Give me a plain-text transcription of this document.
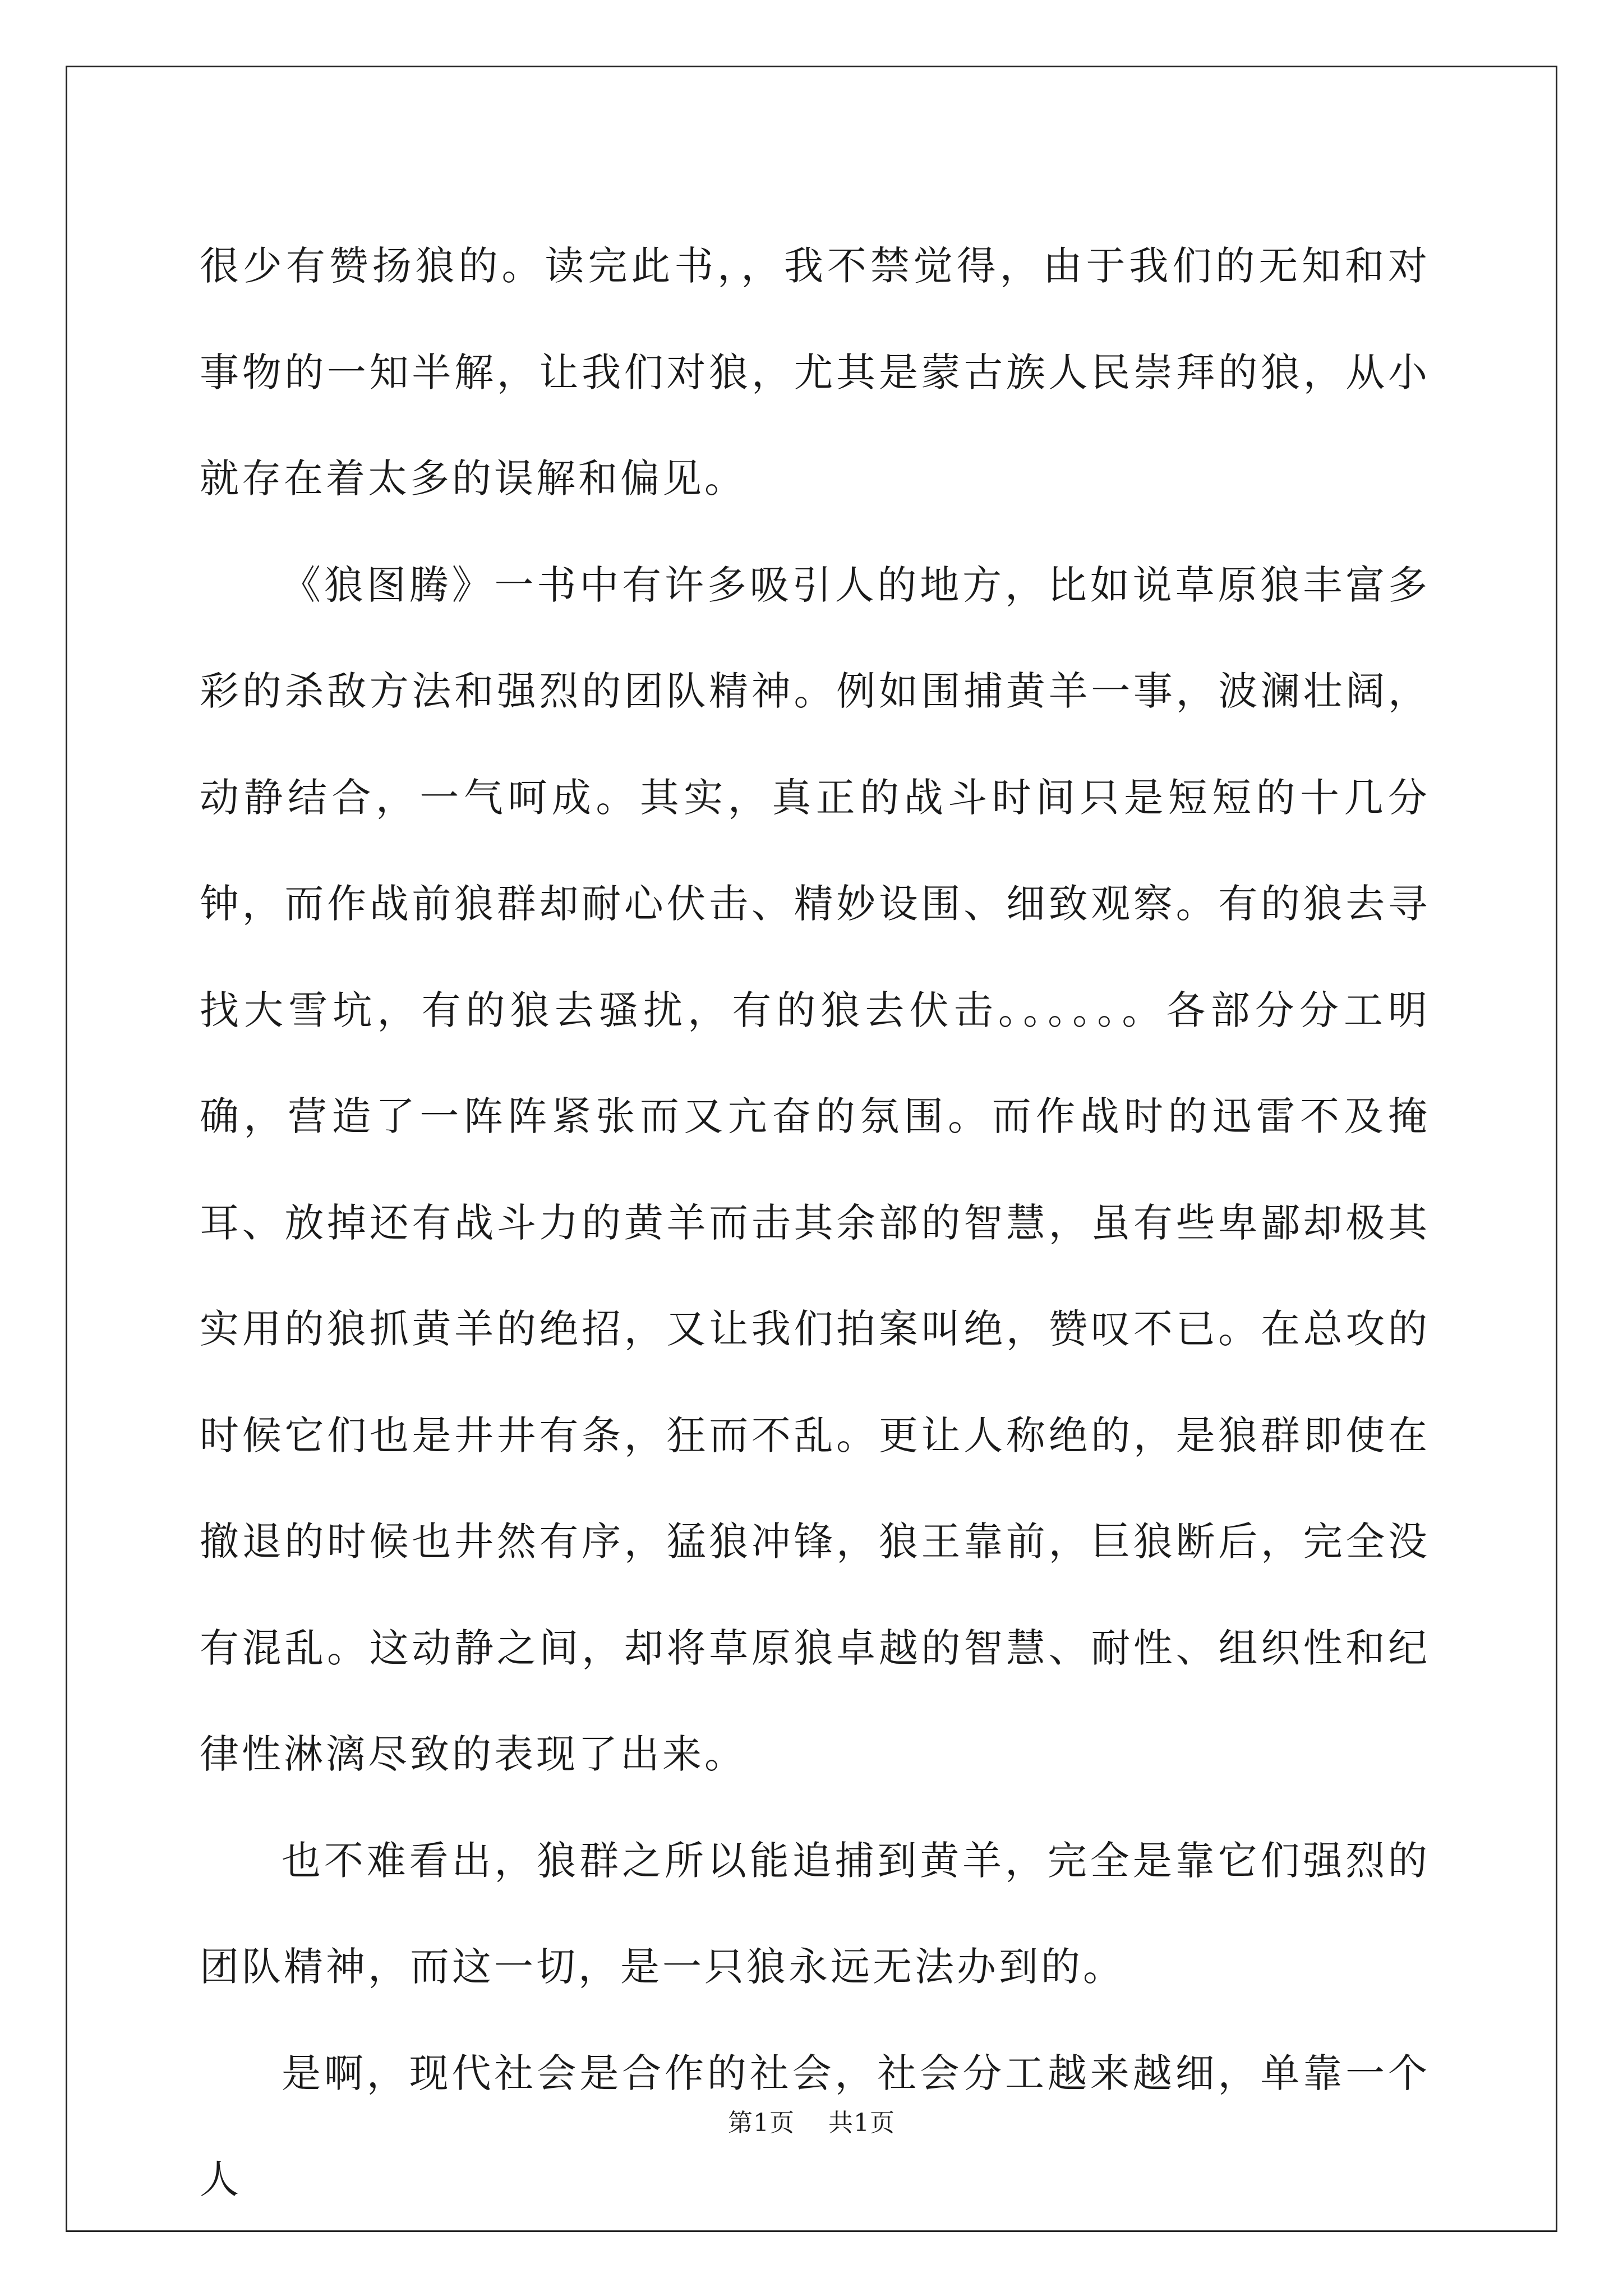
很少有赞扬狼的。读完此书，，我不禁觉得，由于我们的无知和对事物的一知半解，让我们对狼，尤其是蒙古族人民崇拜的狼，从小就存在着太多的误解和偏见。

《狼图腾》一书中有许多吸引人的地方，比如说草原狼丰富多彩的杀敌方法和强烈的团队精神。例如围捕黄羊一事，波澜壮阔，动静结合，一气呵成。其实，真正的战斗时间只是短短的十几分钟，而作战前狼群却耐心伏击、精妙设围、细致观察。有的狼去寻找大雪坑，有的狼去骚扰，有的狼去伏击。。。。。。各部分分工明确，营造了一阵阵紧张而又亢奋的氛围。而作战时的迅雷不及掩耳、放掉还有战斗力的黄羊而击其余部的智慧，虽有些卑鄙却极其实用的狼抓黄羊的绝招，又让我们拍案叫绝，赞叹不已。在总攻的时候它们也是井井有条，狂而不乱。更让人称绝的，是狼群即使在撤退的时候也井然有序，猛狼冲锋，狼王靠前，巨狼断后，完全没有混乱。这动静之间，却将草原狼卓越的智慧、耐性、组织性和纪律性淋漓尽致的表现了出来。

也不难看出，狼群之所以能追捕到黄羊，完全是靠它们强烈的团队精神，而这一切，是一只狼永远无法办到的。

是啊，现代社会是合作的社会，社会分工越来越细，单靠一个人

第1页 共1页
